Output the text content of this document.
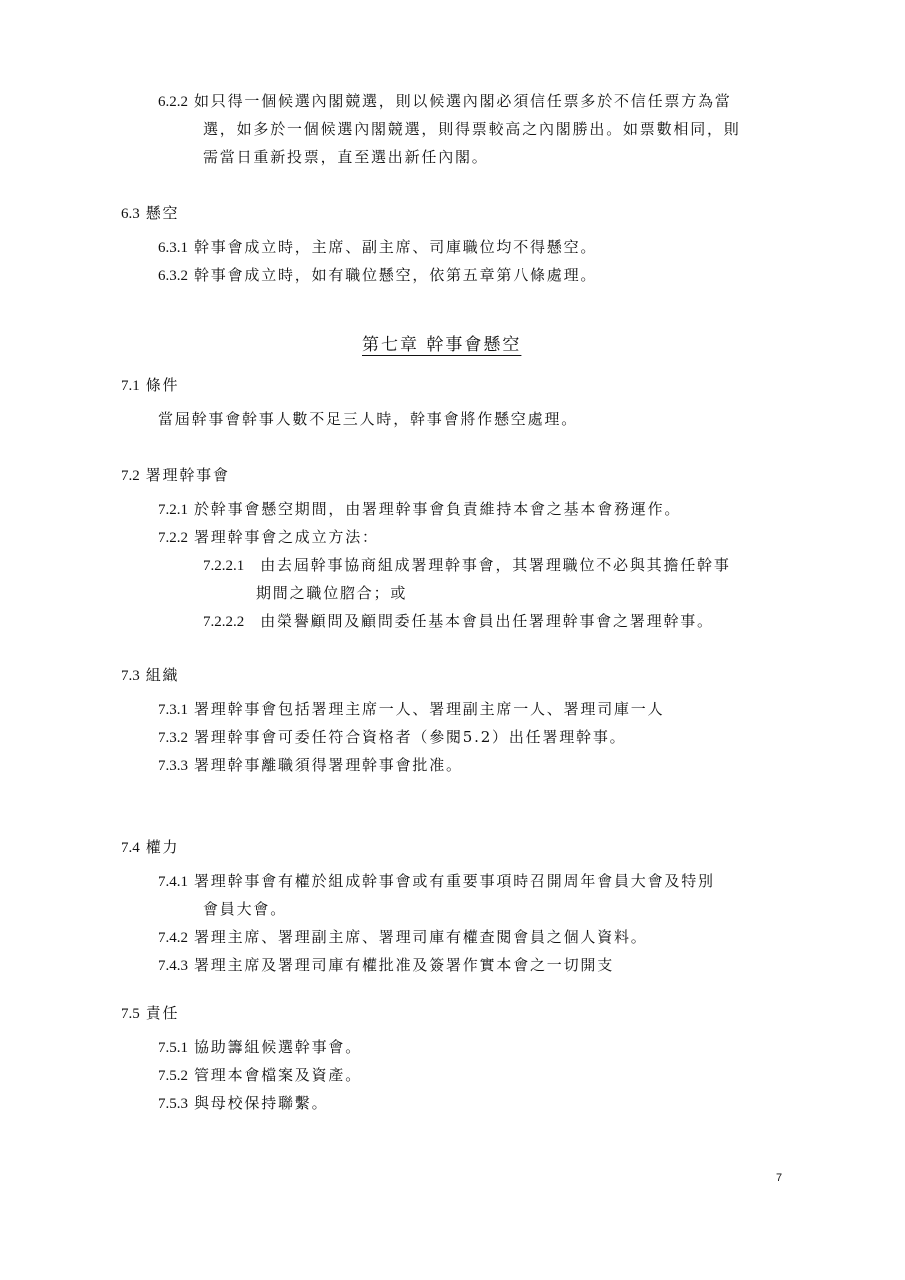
6.2.2 如只得一個候選內閣競選，則以候選內閣必須信任票多於不信任票方為當
選，如多於一個候選內閣競選，則得票較高之內閣勝出。如票數相同，則
需當日重新投票，直至選出新任內閣。
6.3 懸空
6.3.1 幹事會成立時，主席、副主席、司庫職位均不得懸空。
6.3.2 幹事會成立時，如有職位懸空，依第五章第八條處理。
第七章 幹事會懸空
7.1 條件
當屆幹事會幹事人數不足三人時，幹事會將作懸空處理。
7.2 署理幹事會
7.2.1 於幹事會懸空期間，由署理幹事會負責維持本會之基本會務運作。
7.2.2 署理幹事會之成立方法：
7.2.2.1 由去屆幹事協商組成署理幹事會，其署理職位不必與其擔任幹事
期間之職位脗合；或
7.2.2.2 由榮譽顧問及顧問委任基本會員出任署理幹事會之署理幹事。
7.3 組織
7.3.1 署理幹事會包括署理主席一人、署理副主席一人、署理司庫一人
7.3.2 署理幹事會可委任符合資格者（參閱5.2）出任署理幹事。
7.3.3 署理幹事離職須得署理幹事會批准。
7.4 權力
7.4.1 署理幹事會有權於組成幹事會或有重要事項時召開周年會員大會及特別
會員大會。
7.4.2 署理主席、署理副主席、署理司庫有權查閱會員之個人資料。
7.4.3 署理主席及署理司庫有權批准及簽署作實本會之一切開支
7.5 責任
7.5.1 協助籌組候選幹事會。
7.5.2 管理本會檔案及資產。
7.5.3 與母校保持聯繫。
7
